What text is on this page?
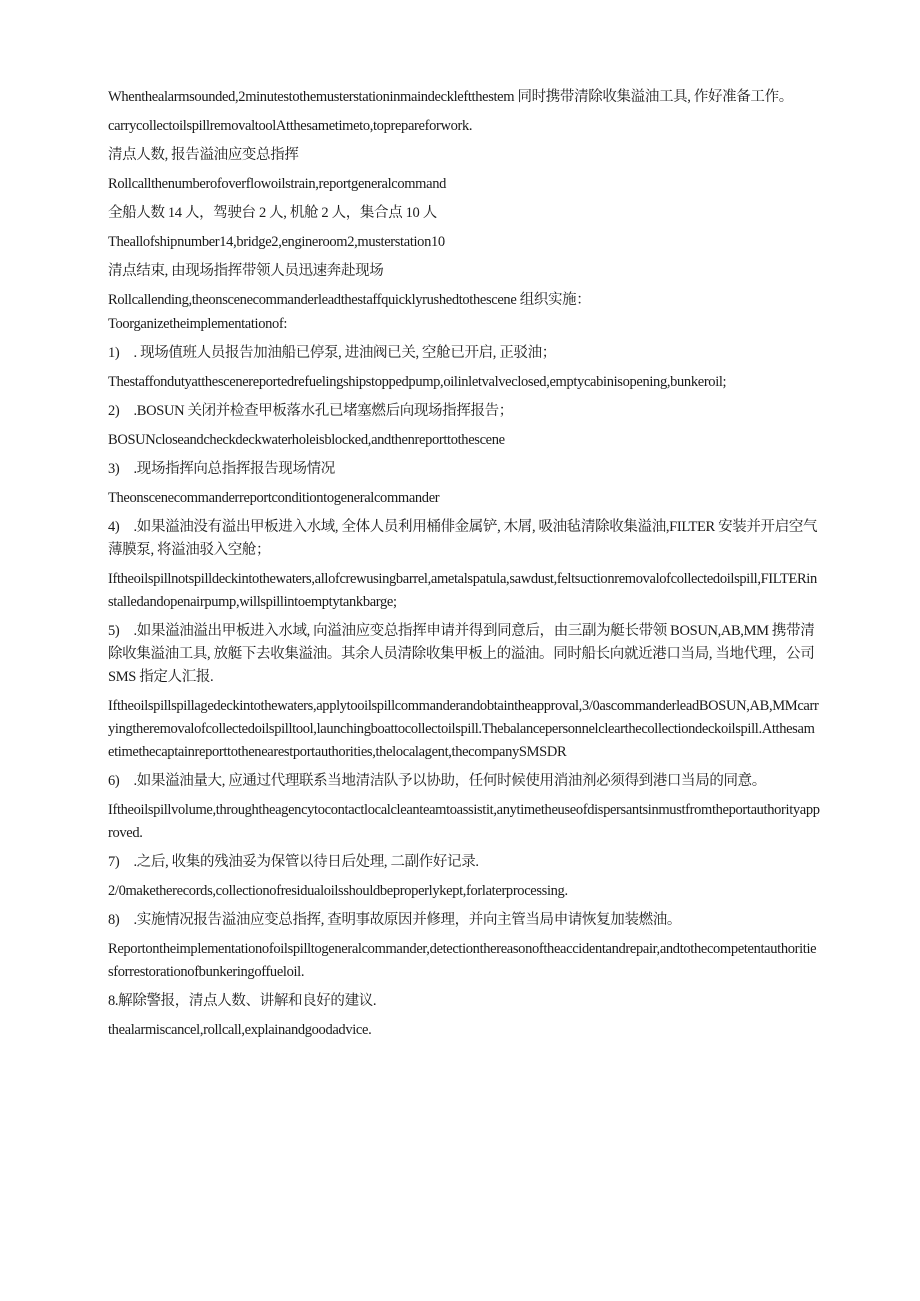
Whenthealarmsounded,2minutestothemusterstationinmaindeckleftthestem 同时携带清除收集溢油工具, 作好准备工作。

carrycollectoilspillremovaltoolAtthesametimeto,toprepareforwork.

清点人数, 报告溢油应变总指挥

Rollcallthenumberofoverflowoilstrain,reportgeneralcommand

全船人数 14 人，驾驶台 2 人, 机舱 2 人，集合点 10 人

Theallofshipnumber14,bridge2,engineroom2,musterstation10

清点结束, 由现场指挥带领人员迅速奔赴现场

Rollcallending,theonscenecommanderleadthestaffquicklyrushedtothescene 组织实施：

Toorganizetheimplementationof:

1)　. 现场值班人员报告加油船已停泵, 进油阀已关, 空舱已开启, 正驳油；

Thestaffondutyatthescenereportedrefuelingshipstoppedpump,oilinletvalveclosed,emptycabinisopening,bunkeroil;

2)　.BOSUN 关闭并检查甲板落水孔已堵塞燃后向现场指挥报告；

BOSUNcloseandcheckdeckwaterholeisblocked,andthenreporttothescene

3)　.现场指挥向总指挥报告现场情况

Theonscenecommanderreportconditiontogeneralcommander

4)　.如果溢油没有溢出甲板进入水域, 全体人员利用桶俳金属铲, 木屑, 吸油毡清除收集溢油,FILTER 安装并开启空气薄膜泵, 将溢油驳入空舱；

Iftheoilspillnotspilldeckintothewaters,allofcrewusingbarrel,ametalspatula,sawdust,feltsuctionremovalofcollectedoilspill,FILTERinstalledandopenairpump,willspillintoemptytankbarge;

5)　.如果溢油溢出甲板进入水域, 向溢油应变总指挥申请并得到同意后，由三副为艇长带领 BOSUN,AB,MM 携带清除收集溢油工具, 放艇下去收集溢油。其余人员清除收集甲板上的溢油。同时船长向就近港口当局, 当地代理，公司 SMS 指定人汇报.

Iftheoilspillspillagedeckintothewaters,applytooilspillcommanderandobtaintheapproval,3/0ascommanderleadBOSUN,AB,MMcarryingtheremovalofcollectedoilspilltool,launchingboattocollectoilspill.Thebalancepersonnelclearthecollectiondeckoilspill.Atthesametimethecaptainreporttothenearestportauthorities,thelocalagent,thecompanySMSDR

6)　.如果溢油量大, 应通过代理联系当地清洁队予以协助，任何时候使用消油剂必须得到港口当局的同意。

Iftheoilspillvolume,throughtheagencytocontactlocalcleanteamtoassistit,anytimetheuseofdispersantsinmustfromtheportauthorityapproved.

7)　.之后, 收集的残油妥为保管以待日后处理, 二副作好记录.

2/0maketherecords,collectionofresidualoilsshouldbeproperlykept,forlaterprocessing.

8)　.实施情况报告溢油应变总指挥, 查明事故原因并修理，并向主管当局申请恢复加装燃油。

Reportontheimplementationofoilspilltogeneralcommander,detectionthereasonoftheaccidentandrepair,andtothecompetentauthoritiesforrestorationofbunkeringoffueloil.

8.解除警报，清点人数、讲解和良好的建议.

thealarmiscancel,rollcall,explainandgoodadvice.
